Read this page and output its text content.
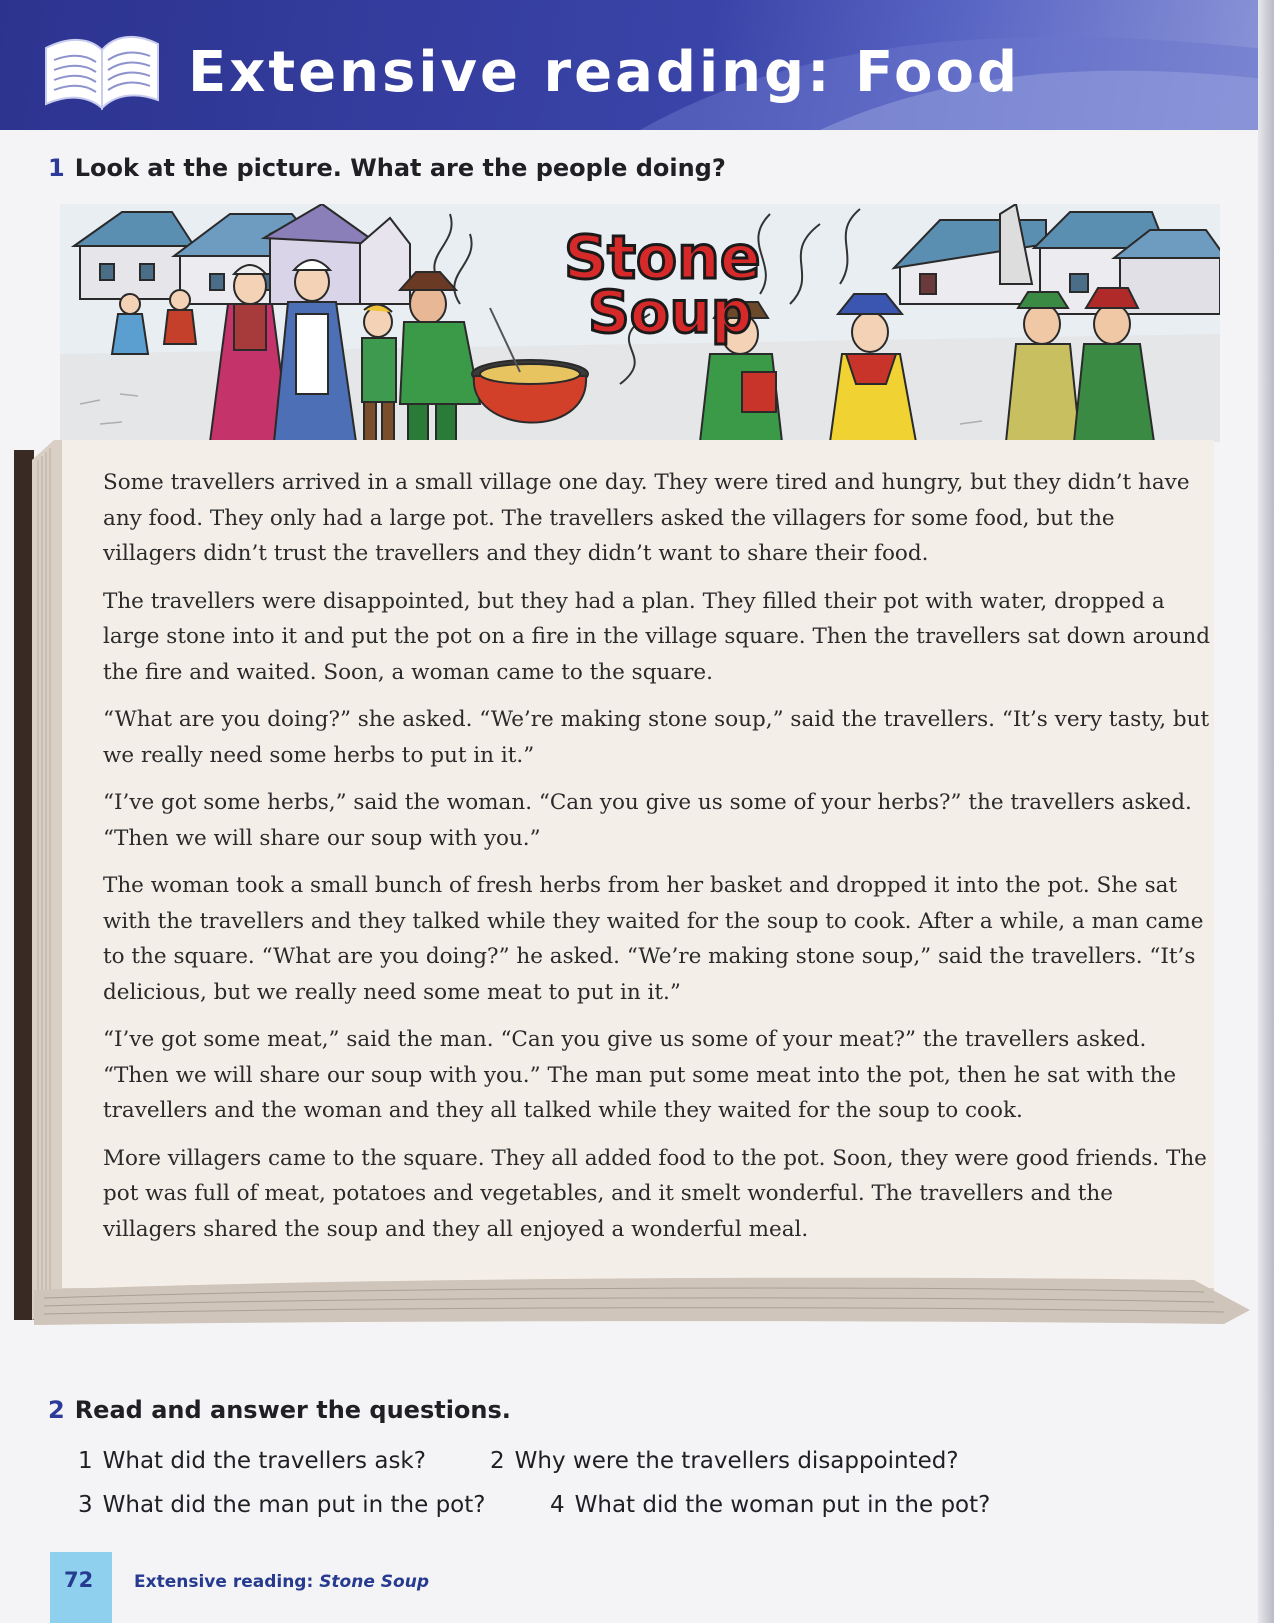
Extensive reading: Food
1 Look at the picture. What are the people doing?
Stone
Soup

Some travellers arrived in a small village one day. They were tired and hungry, but they didn’t have any food. They only had a large pot. The travellers asked the villagers for some food, but the villagers didn’t trust the travellers and they didn’t want to share their food.

The travellers were disappointed, but they had a plan. They filled their pot with water, dropped a large stone into it and put the pot on a fire in the village square. Then the travellers sat down around the fire and waited. Soon, a woman came to the square.

“What are you doing?” she asked. “We’re making stone soup,” said the travellers. “It’s very tasty, but we really need some herbs to put in it.”

“I’ve got some herbs,” said the woman. “Can you give us some of your herbs?” the travellers asked. “Then we will share our soup with you.”

The woman took a small bunch of fresh herbs from her basket and dropped it into the pot. She sat with the travellers and they talked while they waited for the soup to cook. After a while, a man came to the square. “What are you doing?” he asked. “We’re making stone soup,” said the travellers. “It’s delicious, but we really need some meat to put in it.”

“I’ve got some meat,” said the man. “Can you give us some of your meat?” the travellers asked. “Then we will share our soup with you.” The man put some meat into the pot, then he sat with the travellers and the woman and they all talked while they waited for the soup to cook.

More villagers came to the square. They all added food to the pot. Soon, they were good friends. The pot was full of meat, potatoes and vegetables, and it smelt wonderful. The travellers and the villagers shared the soup and they all enjoyed a wonderful meal.

2 Read and answer the questions.
1 What did the travellers ask?	2 Why were the travellers disappointed?
3 What did the man put in the pot?	4 What did the woman put in the pot?
72 Extensive reading: Stone Soup
